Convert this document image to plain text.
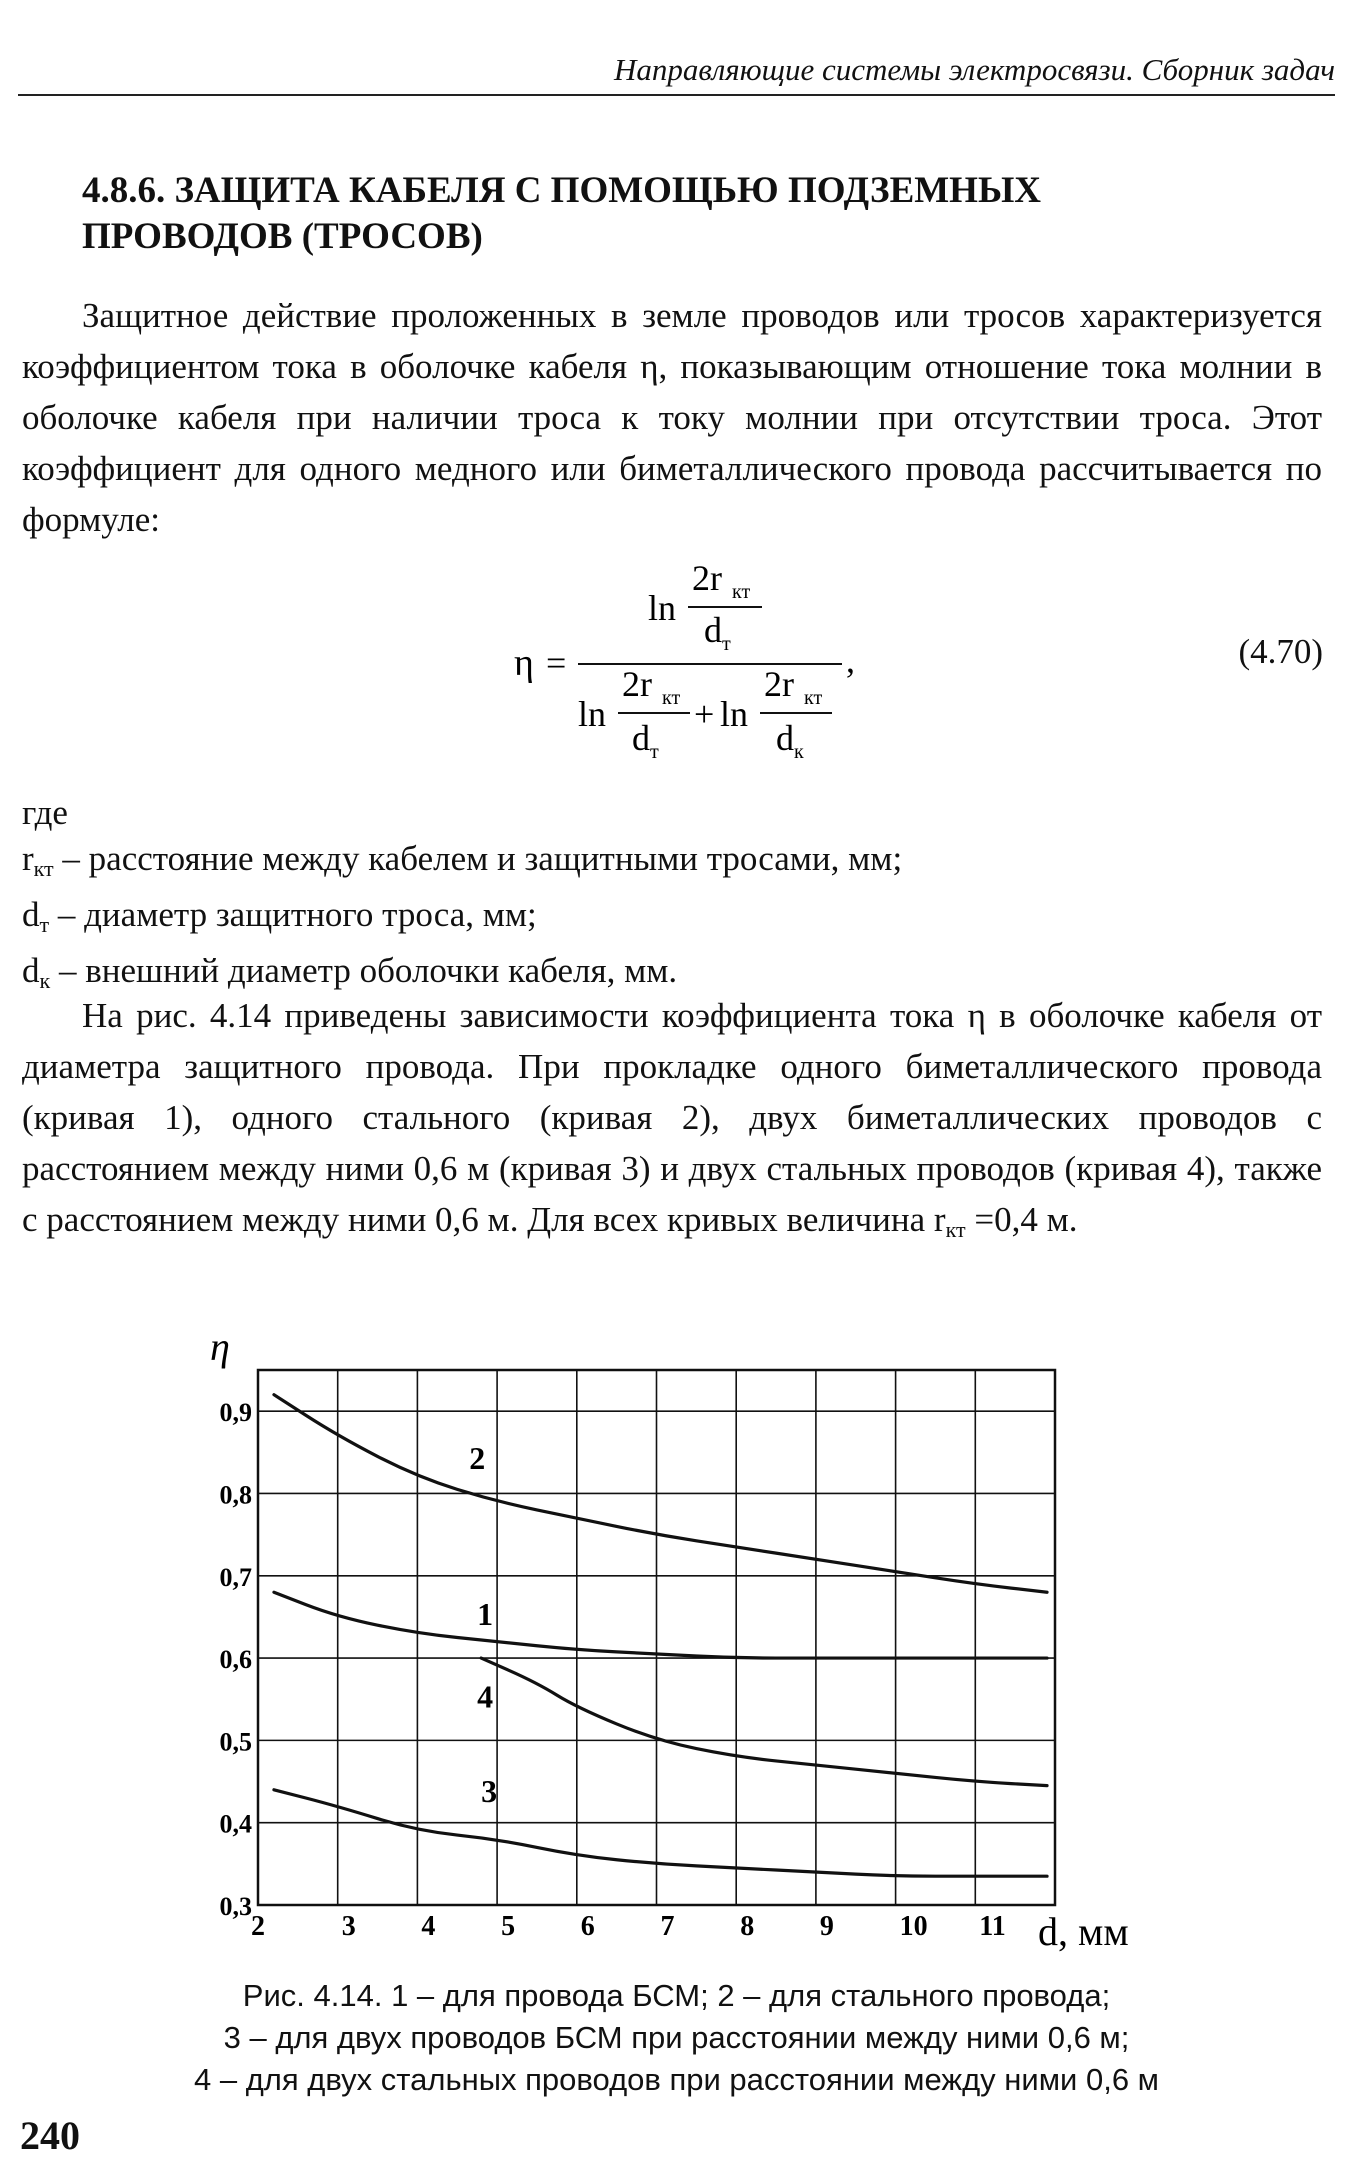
Направляющие системы электросвязи. Сборник задач
4.8.6. ЗАЩИТА КАБЕЛЯ С ПОМОЩЬЮ ПОДЗЕМНЫХ ПРОВОДОВ (ТРОСОВ)
Защитное действие проложенных в земле проводов или тросов характеризуется коэффициентом тока в оболочке кабеля η, показывающим отношение тока молнии в оболочке кабеля при наличии троса к току молнии при отсутствии троса. Этот коэффициент для одного медного или биметаллического провода рассчитывается по формуле:
ln
2r кт
d т
η =	,
ln
2r кт
d т
+ ln
2r кт
d к
(4.70)
где
$r_{кт}$ – расстояние между кабелем и защитными тросами, мм;
$d_т$ – диаметр защитного троса, мм;
$d_к$ – внешний диаметр оболочки кабеля, мм.
На рис. 4.14 приведены зависимости коэффициента тока η в оболочке кабеля от диаметра защитного провода. При прокладке одного биметаллического провода (кривая 1), одного стального (кривая 2), двух биметаллических проводов с расстоянием между ними 0,6 м (кривая 3) и двух стальных проводов (кривая 4), также с расстоянием между ними 0,6 м. Для всех кривых величина $r_{кт} =0,4$ м.
2	3 4 5 6 7 8 9 10 11
0,3
0,4
0,5
0,6
0,7
0,8
0,9
1
2
3
4
η
d, мм
Рис. 4.14. 1 – для провода БСМ; 2 – для стального провода;
3 – для двух проводов БСМ при расстоянии между ними 0,6 м;
4 – для двух стальных проводов при расстоянии между ними 0,6 м
240
